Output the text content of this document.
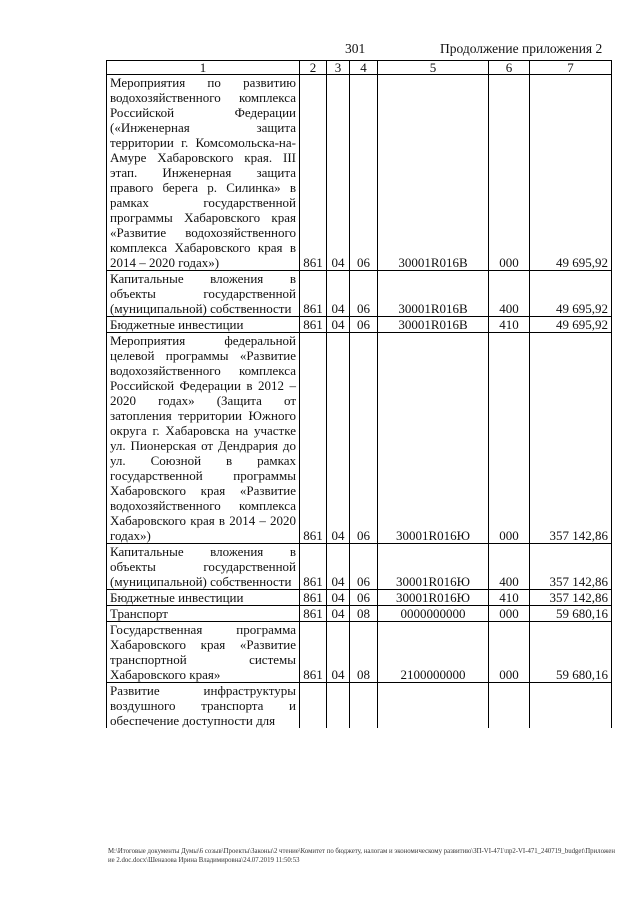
301	Продолжение приложения 2
1	2	3	4	5	6	7
Мероприятия по развитию водохозяйственного комплекса Российской Федерации («Инженерная защита территории г. Комсомольска-на-Амуре Хабаровского края. III этап. Инженерная защита правого берега р. Силинка» в рамках государственной программы Хабаровского края «Развитие водохозяйственного комплекса Хабаровского края в 2014 – 2020 годах»)	861	04	06	30001R016В	000	49 695,92
Капитальные вложения в объекты государственной (муниципальной) собственности	861	04	06	30001R016В	400	49 695,92
Бюджетные инвестиции	861	04	06	30001R016В	410	49 695,92
Мероприятия федеральной целевой программы «Развитие водохозяйственного комплекса Российской Федерации в 2012 – 2020 годах» (Защита от затопления территории Южного округа г. Хабаровска на участке ул. Пионерская от Дендрария до ул. Союзной в рамках государственной программы Хабаровского края «Развитие водохозяйственного комплекса Хабаровского края в 2014 – 2020 годах»)	861	04	06	30001R016Ю	000	357 142,86
Капитальные вложения в объекты государственной (муниципальной) собственности	861	04	06	30001R016Ю	400	357 142,86
Бюджетные инвестиции	861	04	06	30001R016Ю	410	357 142,86
Транспорт	861	04	08	0000000000	000	59 680,16
Государственная программа Хабаровского края «Развитие транспортной системы Хабаровского края»	861	04	08	2100000000	000	59 680,16
Развитие инфраструктуры воздушного транспорта и обеспечение доступности для						
M:\Итоговые документы Думы\6 созыв\Проекты\Законы\2 чтение\Комитет по бюджету, налогам и экономическому развитию\ЗП-VI-471\пр2-VI-471_240719_budget\Приложение 2.doc.docx\Шеназова Ирина Владимировна\24.07.2019 11:50:53
